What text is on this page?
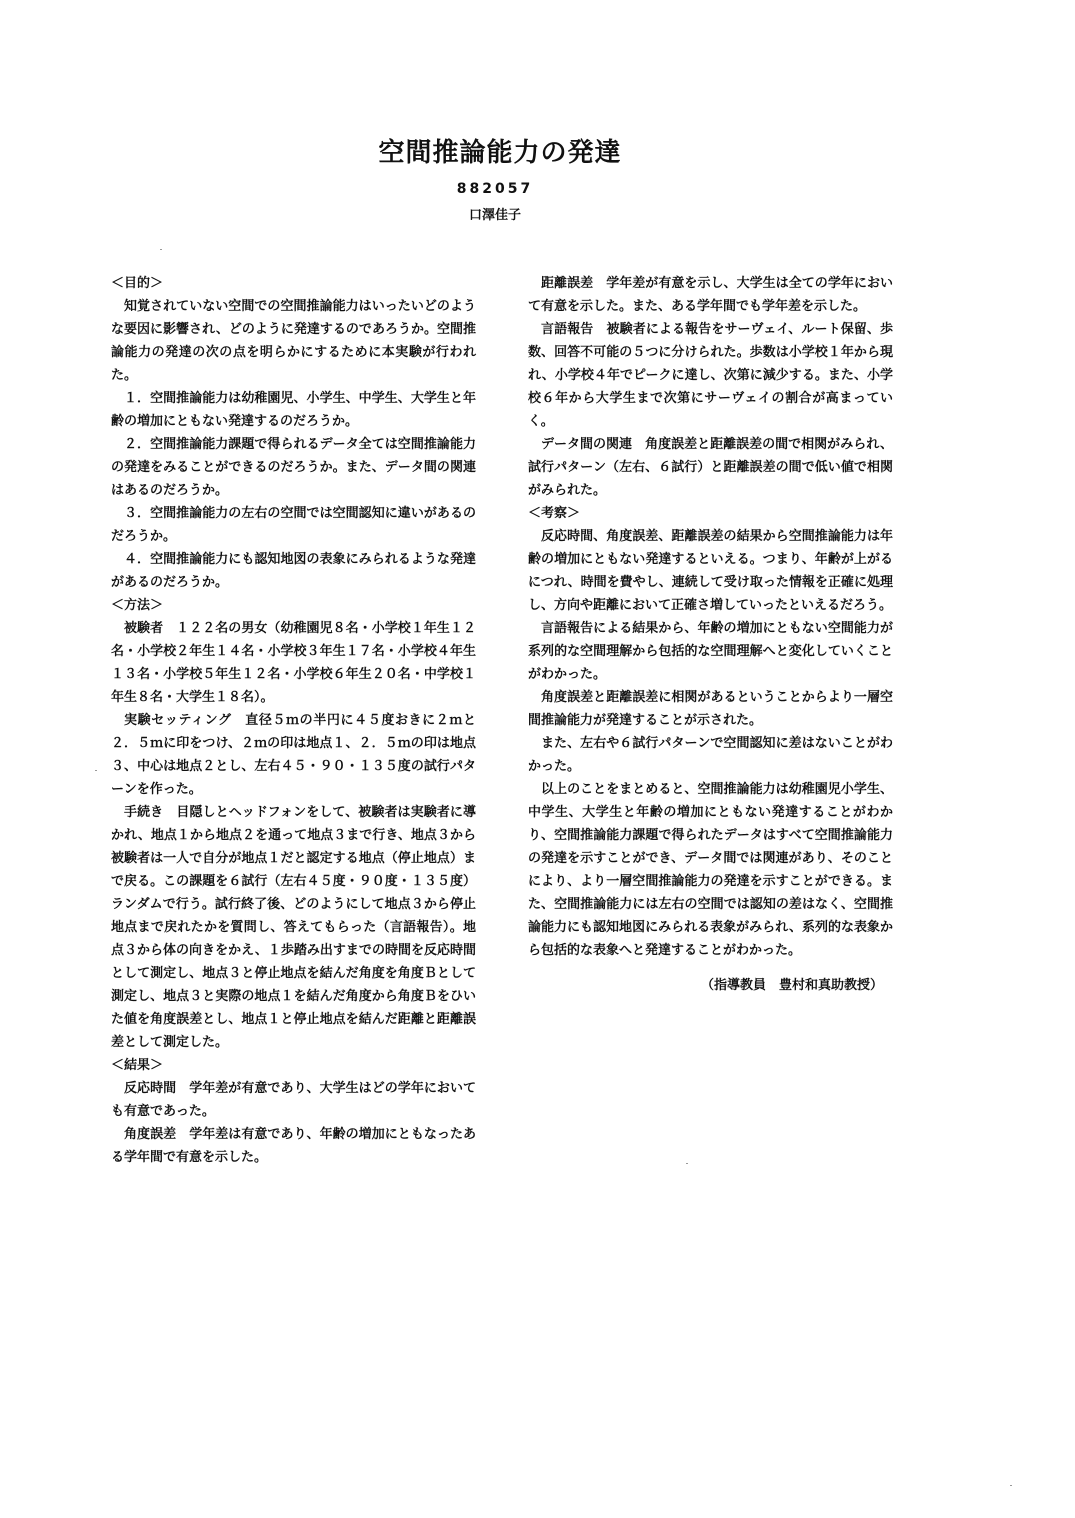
空間推論能力の発達
882057
口澤佳子

＜目的＞

知覚されていない空間での空間推論能力はいったいどのような要因に影響され、どのように発達するのであろうか。空間推論能力の発達の次の点を明らかにするために本実験が行われた。

１．空間推論能力は幼稚園児、小学生、中学生、大学生と年齢の増加にともない発達するのだろうか。

２．空間推論能力課題で得られるデータ全ては空間推論能力の発達をみることができるのだろうか。また、データ間の関連はあるのだろうか。

３．空間推論能力の左右の空間では空間認知に違いがあるのだろうか。

４．空間推論能力にも認知地図の表象にみられるような発達があるのだろうか。

＜方法＞

被験者　１２２名の男女（幼稚園児８名・小学校１年生１２名・小学校２年生１４名・小学校３年生１７名・小学校４年生１３名・小学校５年生１２名・小学校６年生２０名・中学校１年生８名・大学生１８名）。

実験セッティング　直径５ｍの半円に４５度おきに２ｍと２．５ｍに印をつけ、２ｍの印は地点１、２．５ｍの印は地点３、中心は地点２とし、左右４５・９０・１３５度の試行パターンを作った。

手続き　目隠しとヘッドフォンをして、被験者は実験者に導かれ、地点１から地点２を通って地点３まで行き、地点３から被験者は一人で自分が地点１だと認定する地点（停止地点）まで戻る。この課題を６試行（左右４５度・９０度・１３５度）ランダムで行う。試行終了後、どのようにして地点３から停止地点まで戻れたかを質問し、答えてもらった（言語報告）。地点３から体の向きをかえ、１歩踏み出すまでの時間を反応時間として測定し、地点３と停止地点を結んだ角度を角度Ｂとして測定し、地点３と実際の地点１を結んだ角度から角度Ｂをひいた値を角度誤差とし、地点１と停止地点を結んだ距離と距離誤差として測定した。

＜結果＞

反応時間　学年差が有意であり、大学生はどの学年においても有意であった。

角度誤差　学年差は有意であり、年齢の増加にともなったある学年間で有意を示した。

距離誤差　学年差が有意を示し、大学生は全ての学年において有意を示した。また、ある学年間でも学年差を示した。

言語報告　被験者による報告をサーヴェイ、ルート保留、歩数、回答不可能の５つに分けられた。歩数は小学校１年から現れ、小学校４年でピークに達し、次第に減少する。また、小学校６年から大学生まで次第にサーヴェイの割合が高まっていく。

データ間の関連　角度誤差と距離誤差の間で相関がみられ、試行パターン（左右、６試行）と距離誤差の間で低い値で相関がみられた。

＜考察＞

反応時間、角度誤差、距離誤差の結果から空間推論能力は年齢の増加にともない発達するといえる。つまり、年齢が上がるにつれ、時間を費やし、連続して受け取った情報を正確に処理し、方向や距離において正確さ増していったといえるだろう。

言語報告による結果から、年齢の増加にともない空間能力が系列的な空間理解から包括的な空間理解へと変化していくことがわかった。

角度誤差と距離誤差に相関があるということからより一層空間推論能力が発達することが示された。

また、左右や６試行パターンで空間認知に差はないことがわかった。

以上のことをまとめると、空間推論能力は幼稚園児小学生、中学生、大学生と年齢の増加にともない発達することがわかり、空間推論能力課題で得られたデータはすべて空間推論能力の発達を示すことができ、データ間では関連があり、そのことにより、より一層空間推論能力の発達を示すことができる。また、空間推論能力には左右の空間では認知の差はなく、空間推論能力にも認知地図にみられる表象がみられ、系列的な表象から包括的な表象へと発達することがわかった。

（指導教員　豊村和真助教授）
